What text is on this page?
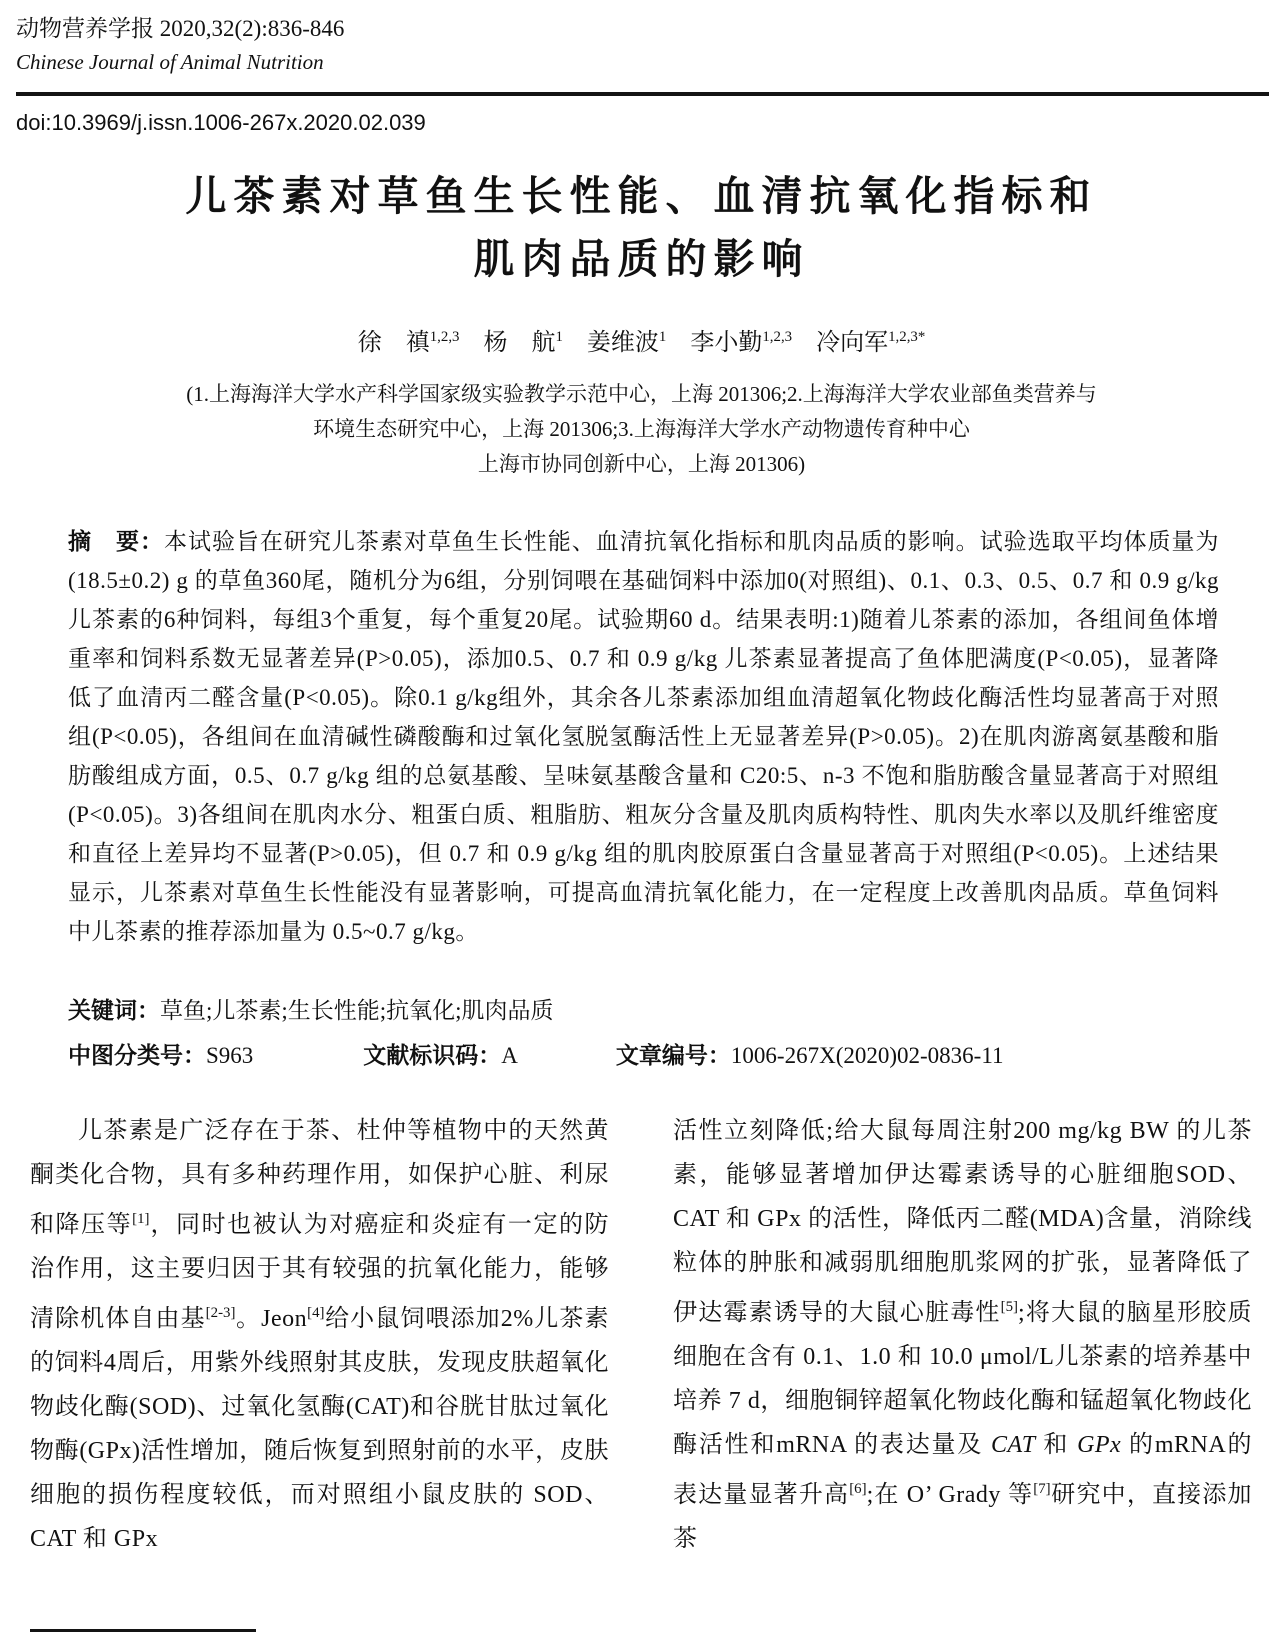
动物营养学报 2020,32(2):836-846
Chinese Journal of Animal Nutrition
doi:10.3969/j.issn.1006-267x.2020.02.039
儿茶素对草鱼生长性能、血清抗氧化指标和
肌肉品质的影响
徐　禛$^{1,2,3}$　杨　航$^1$　姜维波$^1$　李小勤$^{1,2,3}$　冷向军$^{1,2,3*}$
(1.上海海洋大学水产科学国家级实验教学示范中心，上海 201306;2.上海海洋大学农业部鱼类营养与
环境生态研究中心，上海 201306;3.上海海洋大学水产动物遗传育种中心
上海市协同创新中心，上海 201306)
摘　要：本试验旨在研究儿茶素对草鱼生长性能、血清抗氧化指标和肌肉品质的影响。试验选取平均体质量为(18.5±0.2) g 的草鱼360尾，随机分为6组，分别饲喂在基础饲料中添加0(对照组)、0.1、0.3、0.5、0.7 和 0.9 g/kg 儿茶素的6种饲料，每组3个重复，每个重复20尾。试验期60 d。结果表明:1)随着儿茶素的添加，各组间鱼体增重率和饲料系数无显著差异(P>0.05)，添加0.5、0.7 和 0.9 g/kg 儿茶素显著提高了鱼体肥满度(P<0.05)，显著降低了血清丙二醛含量(P<0.05)。除0.1 g/kg组外，其余各儿茶素添加组血清超氧化物歧化酶活性均显著高于对照组(P<0.05)，各组间在血清碱性磷酸酶和过氧化氢脱氢酶活性上无显著差异(P>0.05)。2)在肌肉游离氨基酸和脂肪酸组成方面，0.5、0.7 g/kg 组的总氨基酸、呈味氨基酸含量和 C20:5、n-3 不饱和脂肪酸含量显著高于对照组(P<0.05)。3)各组间在肌肉水分、粗蛋白质、粗脂肪、粗灰分含量及肌肉质构特性、肌肉失水率以及肌纤维密度和直径上差异均不显著(P>0.05)，但 0.7 和 0.9 g/kg 组的肌肉胶原蛋白含量显著高于对照组(P<0.05)。上述结果显示，儿茶素对草鱼生长性能没有显著影响，可提高血清抗氧化能力，在一定程度上改善肌肉品质。草鱼饲料中儿茶素的推荐添加量为 0.5~0.7 g/kg。
关键词：草鱼;儿茶素;生长性能;抗氧化;肌肉品质
中图分类号：S963	文献标识码：A	文章编号：1006-267X(2020)02-0836-11

儿茶素是广泛存在于茶、杜仲等植物中的天然黄酮类化合物，具有多种药理作用，如保护心脏、利尿和降压等[1]，同时也被认为对癌症和炎症有一定的防治作用，这主要归因于其有较强的抗氧化能力，能够清除机体自由基[2-3]。Jeon[4]给小鼠饲喂添加2%儿茶素的饲料4周后，用紫外线照射其皮肤，发现皮肤超氧化物歧化酶(SOD)、过氧化氢酶(CAT)和谷胱甘肽过氧化物酶(GPx)活性增加，随后恢复到照射前的水平，皮肤细胞的损伤程度较低，而对照组小鼠皮肤的 SOD、CAT 和 GPx

活性立刻降低;给大鼠每周注射200 mg/kg BW 的儿茶素，能够显著增加伊达霉素诱导的心脏细胞SOD、CAT 和 GPx 的活性，降低丙二醛(MDA)含量，消除线粒体的肿胀和减弱肌细胞肌浆网的扩张，显著降低了伊达霉素诱导的大鼠心脏毒性[5];将大鼠的脑星形胶质细胞在含有 0.1、1.0 和 10.0 μmol/L儿茶素的培养基中培养 7 d，细胞铜锌超氧化物歧化酶和锰超氧化物歧化酶活性和mRNA 的表达量及 CAT 和 GPx 的mRNA的表达量显著升高[6];在 O’ Grady 等[7]研究中，直接添加茶
